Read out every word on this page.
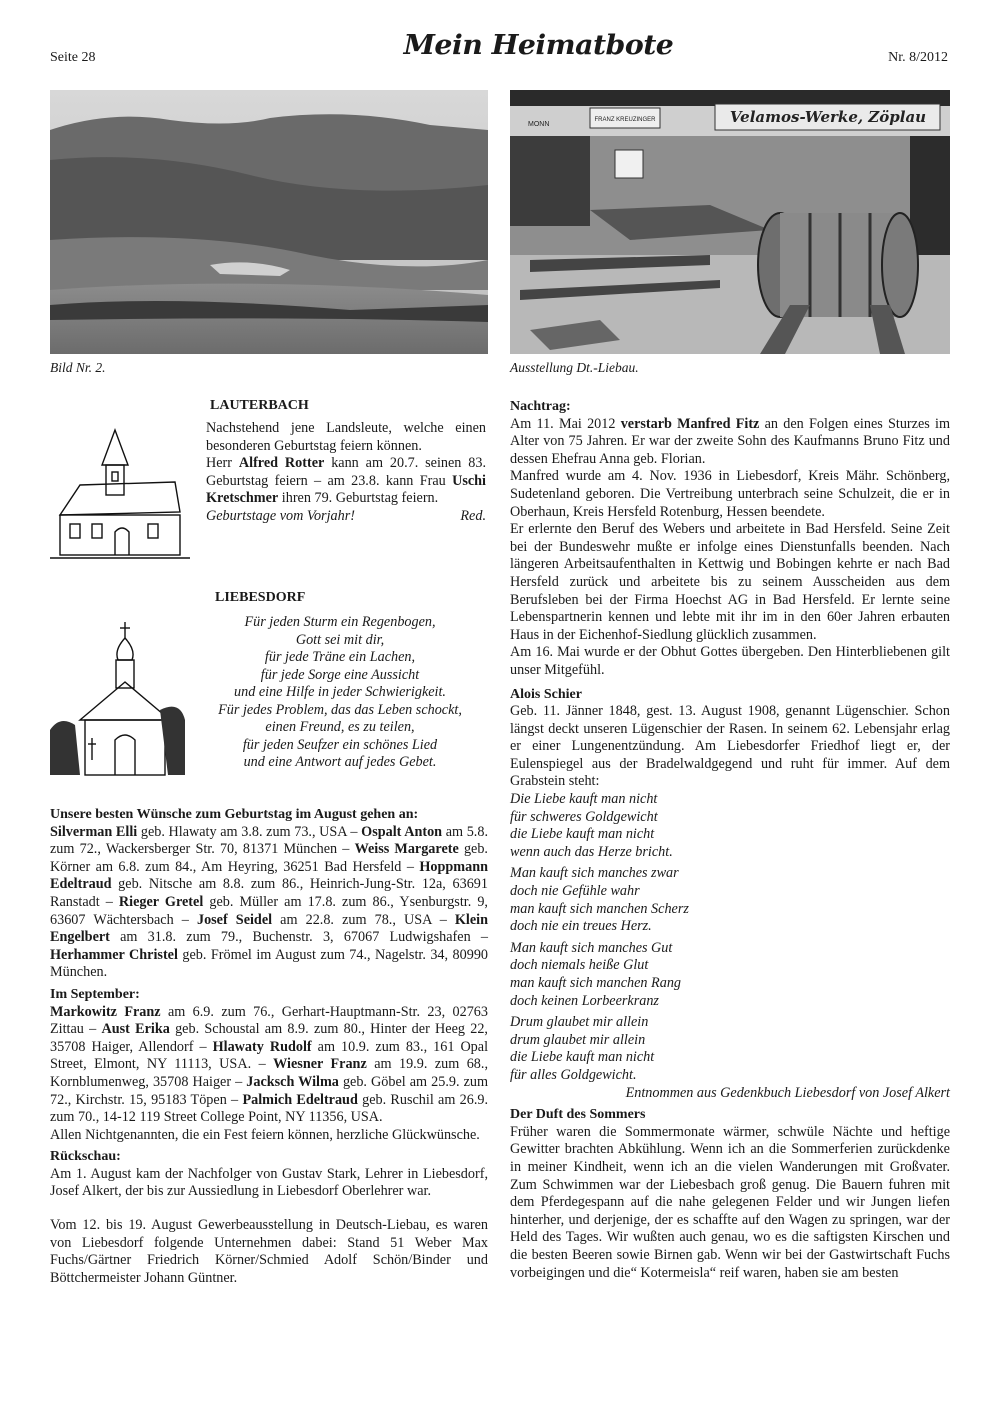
Seite 28	Mein Heimatbote	Nr. 8/2012
Bild Nr. 2.
Velamos-Werke, Zöplau
FRANZ KREUZINGER
MONN
Ausstellung Dt.-Liebau.
LAUTERBACH

Nachstehend jene Landsleute, welche einen besonderen Geburtstag feiern können.

Herr Alfred Rotter kann am 20.7. seinen 83. Geburtstag feiern – am 23.8. kann Frau Uschi Kretschmer ihren 79. Geburtstag feiern.

Geburtstage vom Vorjahr!	Red.

LIEBESDORF
Für jeden Sturm ein Regenbogen,
Gott sei mit dir,
für jede Träne ein Lachen,
für jede Sorge eine Aussicht
und eine Hilfe in jeder Schwierigkeit.
Für jedes Problem, das das Leben schockt,
einen Freund, es zu teilen,
für jeden Seufzer ein schönes Lied
und eine Antwort auf jedes Gebet.

Unsere besten Wünsche zum Geburtstag im August gehen an:

Silverman Elli geb. Hlawaty am 3.8. zum 73., USA – Ospalt Anton am 5.8. zum 72., Wackersberger Str. 70, 81371 München – Weiss Margarete geb. Körner am 6.8. zum 84., Am Heyring, 36251 Bad Hersfeld – Hoppmann Edeltraud geb. Nitsche am 8.8. zum 86., Heinrich-Jung-Str. 12a, 63691 Ranstadt – Rieger Gretel geb. Müller am 17.8. zum 86., Ysenburgstr. 9, 63607 Wächtersbach – Josef Seidel am 22.8. zum 78., USA – Klein Engelbert am 31.8. zum 79., Buchenstr. 3, 67067 Ludwigshafen – Herhammer Christel geb. Frömel im August zum 74., Nagelstr. 34, 80990 München.

Im September:

Markowitz Franz am 6.9. zum 76., Gerhart-Hauptmann-Str. 23, 02763 Zittau – Aust Erika geb. Schoustal am 8.9. zum 80., Hinter der Heeg 22, 35708 Haiger, Allendorf – Hlawaty Rudolf am 10.9. zum 83., 161 Opal Street, Elmont, NY 11113, USA. – Wiesner Franz am 19.9. zum 68., Kornblumenweg, 35708 Haiger – Jacksch Wilma geb. Göbel am 25.9. zum 72., Kirchstr. 15, 95183 Töpen – Palmich Edeltraud geb. Ruschil am 26.9. zum 70., 14-12 119 Street College Point, NY 11356, USA.

Allen Nichtgenannten, die ein Fest feiern können, herzliche Glückwünsche.

Rückschau:

Am 1. August kam der Nachfolger von Gustav Stark, Lehrer in Liebesdorf, Josef Alkert, der bis zur Aussiedlung in Liebesdorf Oberlehrer war.

Vom 12. bis 19. August Gewerbeausstellung in Deutsch-Liebau, es waren von Liebesdorf folgende Unternehmen dabei: Stand 51 Weber Max Fuchs/Gärtner Friedrich Körner/Schmied Adolf Schön/Binder und Böttchermeister Johann Güntner.

Nachtrag:

Am 11. Mai 2012 verstarb Manfred Fitz an den Folgen eines Sturzes im Alter von 75 Jahren. Er war der zweite Sohn des Kaufmanns Bruno Fitz und dessen Ehefrau Anna geb. Florian.

Manfred wurde am 4. Nov. 1936 in Liebesdorf, Kreis Mähr. Schönberg, Sudetenland geboren. Die Vertreibung unterbrach seine Schulzeit, die er in Oberhaun, Kreis Hersfeld Rotenburg, Hessen beendete.

Er erlernte den Beruf des Webers und arbeitete in Bad Hersfeld. Seine Zeit bei der Bundeswehr mußte er infolge eines Dienstunfalls beenden. Nach längeren Arbeitsaufenthalten in Kettwig und Bobingen kehrte er nach Bad Hersfeld zurück und arbeitete bis zu seinem Ausscheiden aus dem Berufsleben bei der Firma Hoechst AG in Bad Hersfeld. Er lernte seine Lebenspartnerin kennen und lebte mit ihr im in den 60er Jahren erbauten Haus in der Eichenhof-Siedlung glücklich zusammen.

Am 16. Mai wurde er der Obhut Gottes übergeben. Den Hinterbliebenen gilt unser Mitgefühl.

Alois Schier

Geb. 11. Jänner 1848, gest. 13. August 1908, genannt Lügenschier. Schon längst deckt unseren Lügenschier der Rasen. In seinem 62. Lebensjahr erlag er einer Lungenentzündung. Am Liebesdorfer Friedhof liegt er, der Eulenspiegel aus der Bradelwaldgegend und ruht für immer. Auf dem Grabstein steht:

Die Liebe kauft man nicht
für schweres Goldgewicht
die Liebe kauft man nicht
wenn auch das Herze bricht.
Man kauft sich manches zwar
doch nie Gefühle wahr
man kauft sich manchen Scherz
doch nie ein treues Herz.
Man kauft sich manches Gut
doch niemals heiße Glut
man kauft sich manchen Rang
doch keinen Lorbeerkranz
Drum glaubet mir allein
drum glaubet mir allein
die Liebe kauft man nicht
für alles Goldgewicht.

Entnommen aus Gedenkbuch Liebesdorf von Josef Alkert

Der Duft des Sommers

Früher waren die Sommermonate wärmer, schwüle Nächte und heftige Gewitter brachten Abkühlung. Wenn ich an die Sommerferien zurückdenke in meiner Kindheit, wenn ich an die vielen Wanderungen mit Großvater. Zum Schwimmen war der Liebesbach groß genug. Die Bauern fuhren mit dem Pferdegespann auf die nahe gelegenen Felder und wir Jungen liefen hinterher, und derjenige, der es schaffte auf den Wagen zu springen, war der Held des Tages. Wir wußten auch genau, wo es die saftigsten Kirschen und die besten Beeren sowie Birnen gab. Wenn wir bei der Gastwirtschaft Fuchs vorbeigingen und die“ Kotermeisla“ reif waren, haben sie am besten
